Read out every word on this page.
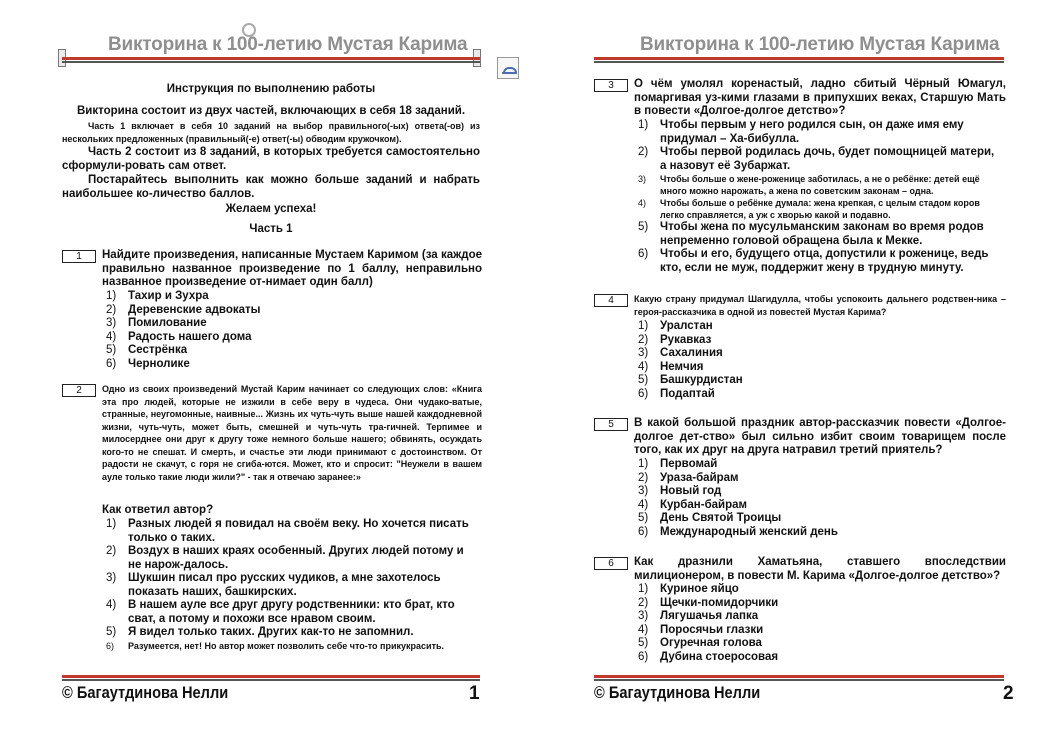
Викторина к 100-летию Мустая Карима
Инструкция по выполнению работы
Викторина состоит из двух частей, включающих в себя 18 заданий.
Часть 1 включает в себя 10 заданий на выбор правильного(-ых) ответа(-ов) из нескольких предложенных (правильный(-е) ответ(-ы) обводим кружочком).
Часть 2 состоит из 8 заданий, в которых требуется самостоятельно сформули-ровать сам ответ.
Постарайтесь выполнить как можно больше заданий и набрать наибольшее ко-личество баллов.
Желаем успеха!
Часть 1
1	Найдите произведения, написанные Мустаем Каримом (за каждое правильно названное произведение по 1 баллу, неправильно названное произведение от-нимает один балл)
1)	Тахир и Зухра
2)	Деревенские адвокаты
3)	Помилование
4)	Радость нашего дома
5)	Сестрёнка
6)	Чернолике
2	Одно из своих произведений Мустай Карим начинает со следующих слов: «Книга эта про людей, которые не изжили в себе веру в чудеса. Они чудако-ватые, странные, неугомонные, наивные... Жизнь их чуть-чуть выше нашей каждодневной жизни, чуть-чуть, может быть, смешней и чуть-чуть тра-гичней. Терпимее и милосерднее они друг к другу тоже немного больше нашего; обвинять, осуждать кого-то не спешат. И смерть, и счастье эти люди принимают с достоинством. От радости не скачут, с горя не сгиба-ются. Может, кто и спросит: "Неужели в вашем ауле только такие люди жили?" - так я отвечаю заранее:»
Как ответил автор?
1)	Разных людей я повидал на своём веку. Но хочется писать только о таких.
2)	Воздух в наших краях особенный. Других людей потому и не нарож-далось.
3)	Шукшин писал про русских чудиков, а мне захотелось показать наших, башкирских.
4)	В нашем ауле все друг другу родственники: кто брат, кто сват, а потому и похожи все нравом своим.
5)	Я видел только таких. Других как-то не запомнил.
6)	Разумеется, нет! Но автор может позволить себе что-то прикукрасить.
© Багаутдинова Нелли	1
Викторина к 100-летию Мустая Карима
3	О чём умолял коренастый, ладно сбитый Чёрный Юмагул, помаргивая уз-кими глазами в припухших веках, Старшую Мать в повести «Долгое-долгое детство»?
1)	Чтобы первым у него родился сын, он даже имя ему придумал – Ха-бибулла.
2)	Чтобы первой родилась дочь, будет помощницей матери, а назовут её Зубаржат.
3)	Чтобы больше о жене-роженице заботилась, а не о ребёнке: детей ещё много можно нарожать, а жена по советским законам – одна.
4)	Чтобы больше о ребёнке думала: жена крепкая, с целым стадом коров легко справляется, а уж с хворью какой и подавно.
5)	Чтобы жена по мусульманским законам во время родов непременно головой обращена была к Мекке.
6)	Чтобы и его, будущего отца, допустили к роженице, ведь кто, если не муж, поддержит жену в трудную минуту.
4	Какую страну придумал Шагидулла, чтобы успокоить дальнего родствен-ника – героя-рассказчика в одной из повестей Мустая Карима?
1)	Уралстан
2)	Рукавказ
3)	Сахалиния
4)	Немчия
5)	Башкурдистан
6)	Подаптай
5	В какой большой праздник автор-рассказчик повести «Долгое-долгое дет-ство» был сильно избит своим товарищем после того, как их друг на друга натравил третий приятель?
1)	Первомай
2)	Ураза-байрам
3)	Новый год
4)	Курбан-байрам
5)	День Святой Троицы
6)	Международный женский день
6	Как дразнили Хаматьяна, ставшего впоследствии милиционером, в повести М. Карима «Долгое-долгое детство»?
1)	Куриное яйцо
2)	Щечки-помидорчики
3)	Лягушачья лапка
4)	Поросячьи глазки
5)	Огуречная голова
6)	Дубина стоеросовая
© Багаутдинова Нелли	2
